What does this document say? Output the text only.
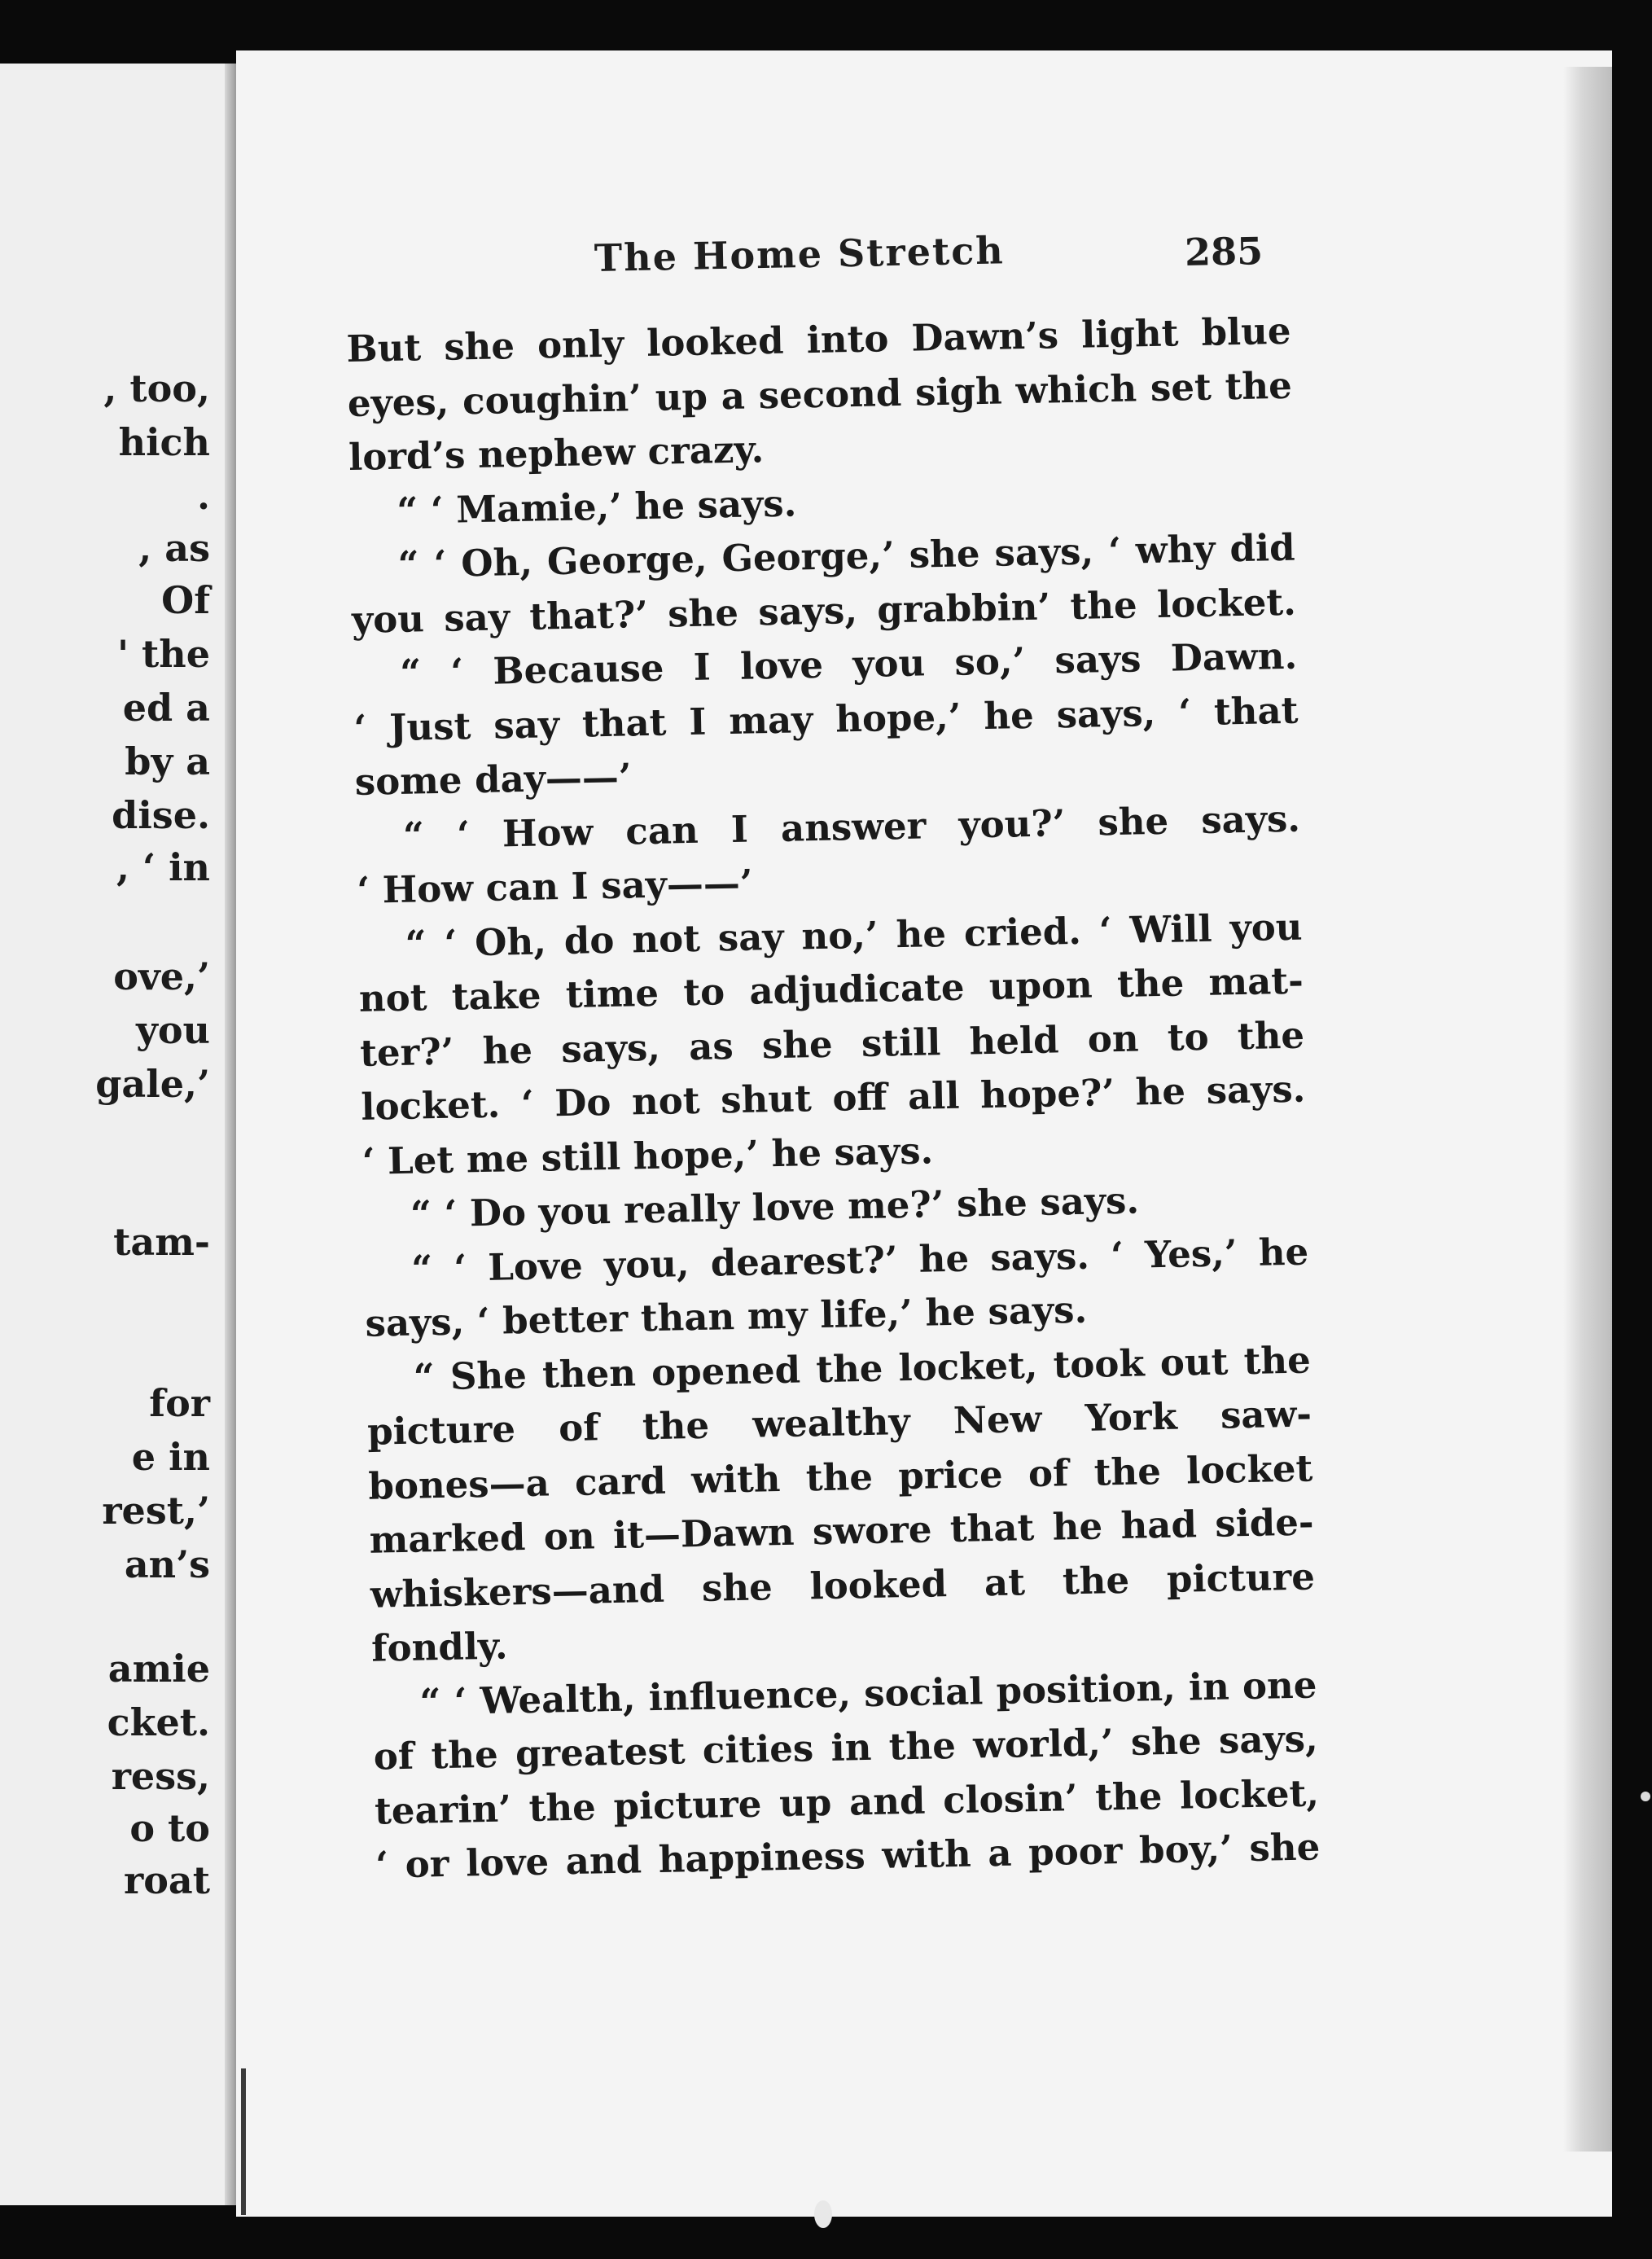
, too,
hich
.
, as
Of
' the
ed a
by a
dise.
, ‘ in
ove,’
you
gale,’
tam-
for
e in
rest,’
an’s
amie
cket.
ress,
o to
roat
The Home Stretch	285
But she only looked into Dawn’s light blue
eyes, coughin’ up a second sigh which set the
lord’s nephew crazy.
“ ‘ Mamie,’ he says.
“ ‘ Oh, George, George,’ she says, ‘ why did
you say that?’ she says, grabbin’ the locket.
“ ‘ Because I love you so,’ says Dawn.
‘ Just say that I may hope,’ he says, ‘ that
some day——’
“ ‘ How can I answer you?’ she says.
‘ How can I say——’
“ ‘ Oh, do not say no,’ he cried. ‘ Will you
not take time to adjudicate upon the mat-
ter?’ he says, as she still held on to the
locket. ‘ Do not shut off all hope?’ he says.
‘ Let me still hope,’ he says.
“ ‘ Do you really love me?’ she says.
“ ‘ Love you, dearest?’ he says. ‘ Yes,’ he
says, ‘ better than my life,’ he says.
“ She then opened the locket, took out the
picture of the wealthy New York saw-
bones—a card with the price of the locket
marked on it—Dawn swore that he had side-
whiskers—and she looked at the picture
fondly.
“ ‘ Wealth, influence, social position, in one
of the greatest cities in the world,’ she says,
tearin’ the picture up and closin’ the locket,
‘ or love and happiness with a poor boy,’ she
